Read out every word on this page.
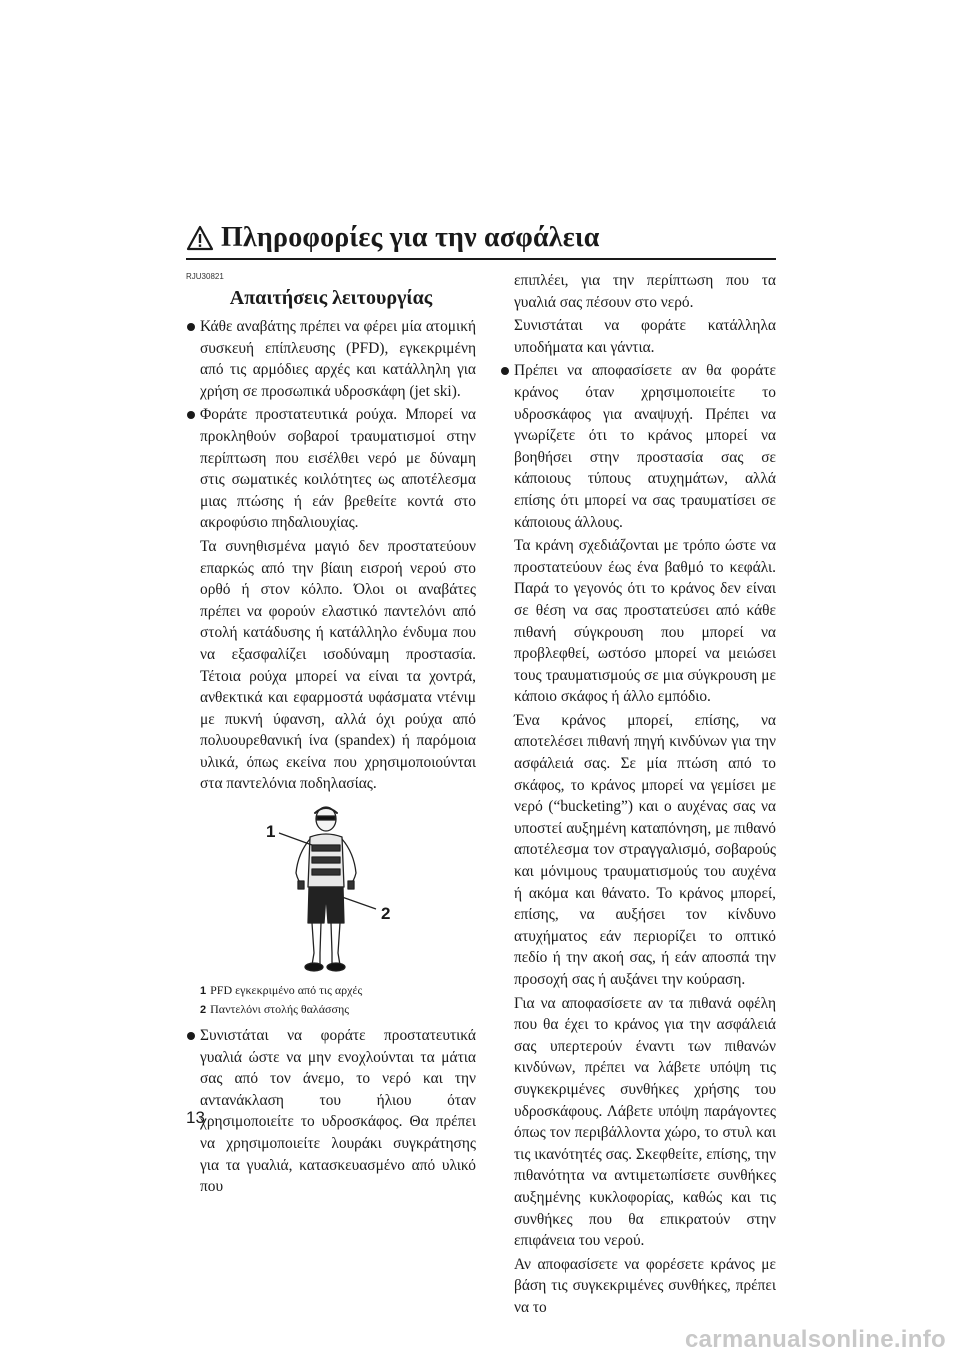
Πληροφορίες για την ασφάλεια

RJU30821

Απαιτήσεις λειτουργίας

Κάθε αναβάτης πρέπει να φέρει μία ατομική συσκευή επίπλευσης (PFD), εγκεκριμένη από τις αρμόδιες αρχές και κατάλληλη για χρήση σε προσωπικά υδροσκάφη (jet ski).

Φοράτε προστατευτικά ρούχα. Μπορεί να προκληθούν σοβαροί τραυματισμοί στην περίπτωση που εισέλθει νερό με δύναμη στις σωματικές κοιλότητες ως αποτέλεσμα μιας πτώσης ή εάν βρεθείτε κοντά στο ακροφύσιο πηδαλιουχίας.

Τα συνηθισμένα μαγιό δεν προστατεύουν επαρκώς από την βίαιη εισροή νερού στο ορθό ή στον κόλπο. Όλοι οι αναβάτες πρέπει να φορούν ελαστικό παντελόνι από στολή κατάδυσης ή κατάλληλο ένδυμα που να εξασφαλίζει ισοδύναμη προστασία. Τέτοια ρούχα μπορεί να είναι τα χοντρά, ανθεκτικά και εφαρμοστά υφάσματα ντένιμ με πυκνή ύφανση, αλλά όχι ρούχα από πολυουρεθανική ίνα (spandex) ή παρόμοια υλικά, όπως εκείνα που χρησιμοποιούνται στα παντελόνια ποδηλασίας.

1
2

1 PFD εγκεκριμένο από τις αρχές

2 Παντελόνι στολής θαλάσσης

Συνιστάται να φοράτε προστατευτικά γυαλιά ώστε να μην ενοχλούνται τα μάτια σας από τον άνεμο, το νερό και την αντανάκλαση του ήλιου όταν χρησιμοποιείτε το υδροσκάφος. Θα πρέπει να χρησιμοποιείτε λουράκι συγκράτησης για τα γυαλιά, κατασκευασμένο από υλικό που

επιπλέει, για την περίπτωση που τα γυαλιά σας πέσουν στο νερό.

Συνιστάται να φοράτε κατάλληλα υποδήματα και γάντια.

Πρέπει να αποφασίσετε αν θα φοράτε κράνος όταν χρησιμοποιείτε το υδροσκάφος για αναψυχή. Πρέπει να γνωρίζετε ότι το κράνος μπορεί να βοηθήσει στην προστασία σας σε κάποιους τύπους ατυχημάτων, αλλά επίσης ότι μπορεί να σας τραυματίσει σε κάποιους άλλους.

Τα κράνη σχεδιάζονται με τρόπο ώστε να προστατεύουν έως ένα βαθμό το κεφάλι. Παρά το γεγονός ότι το κράνος δεν είναι σε θέση να σας προστατεύσει από κάθε πιθανή σύγκρουση που μπορεί να προβλεφθεί, ωστόσο μπορεί να μειώσει τους τραυματισμούς σε μια σύγκρουση με κάποιο σκάφος ή άλλο εμπόδιο.

Ένα κράνος μπορεί, επίσης, να αποτελέσει πιθανή πηγή κινδύνων για την ασφάλειά σας. Σε μία πτώση από το σκάφος, το κράνος μπορεί να γεμίσει με νερό (“bucketing”) και ο αυχένας σας να υποστεί αυξημένη καταπόνηση, με πιθανό αποτέλεσμα τον στραγγαλισμό, σοβαρούς και μόνιμους τραυματισμούς του αυχένα ή ακόμα και θάνατο. Το κράνος μπορεί, επίσης, να αυξήσει τον κίνδυνο ατυχήματος εάν περιορίζει το οπτικό πεδίο ή την ακοή σας, ή εάν αποσπά την προσοχή σας ή αυξάνει την κούραση.

Για να αποφασίσετε αν τα πιθανά οφέλη που θα έχει το κράνος για την ασφάλειά σας υπερτερούν έναντι των πιθανών κινδύνων, πρέπει να λάβετε υπόψη τις συγκεκριμένες συνθήκες χρήσης του υδροσκάφους. Λάβετε υπόψη παράγοντες όπως τον περιβάλλοντα χώρο, το στυλ και τις ικανότητές σας. Σκεφθείτε, επίσης, την πιθανότητα να αντιμετωπίσετε συνθήκες αυξημένης κυκλοφορίας, καθώς και τις συνθήκες που θα επικρατούν στην επιφάνεια του νερού.

Αν αποφασίσετε να φορέσετε κράνος με βάση τις συγκεκριμένες συνθήκες, πρέπει να το

13
carmanualsonline.info
